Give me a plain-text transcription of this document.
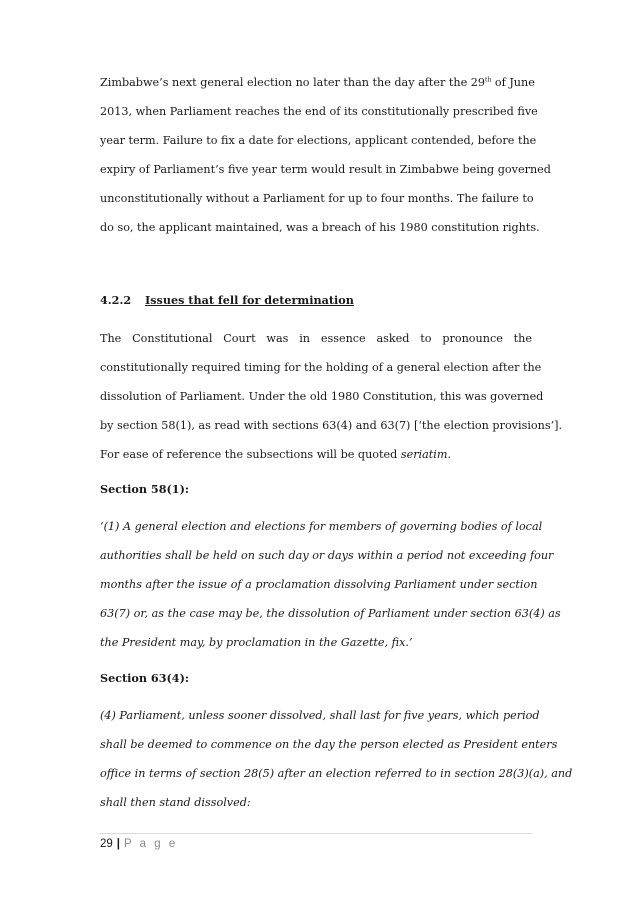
Zimbabwe’s next general election no later than the day after the 29th of June
2013, when Parliament reaches the end of its constitutionally prescribed five
year term. Failure to fix a date for elections, applicant contended, before the
expiry of Parliament’s five year term would result in Zimbabwe being governed
unconstitutionally without a Parliament for up to four months. The failure to
do so, the applicant maintained, was a breach of his 1980 constitution rights.
4.2.2 Issues that fell for determination
The Constitutional Court was in essence asked to pronounce the
constitutionally required timing for the holding of a general election after the
dissolution of Parliament. Under the old 1980 Constitution, this was governed
by section 58(1), as read with sections 63(4) and 63(7) [‘the election provisions’].
For ease of reference the subsections will be quoted seriatim.
Section 58(1):
‘(1) A general election and elections for members of governing bodies of local
authorities shall be held on such day or days within a period not exceeding four
months after the issue of a proclamation dissolving Parliament under section
63(7) or, as the case may be, the dissolution of Parliament under section 63(4) as
the President may, by proclamation in the Gazette, fix.’
Section 63(4):
(4) Parliament, unless sooner dissolved, shall last for five years, which period
shall be deemed to commence on the day the person elected as President enters
office in terms of section 28(5) after an election referred to in section 28(3)(a), and
shall then stand dissolved:
29 | P a g e
